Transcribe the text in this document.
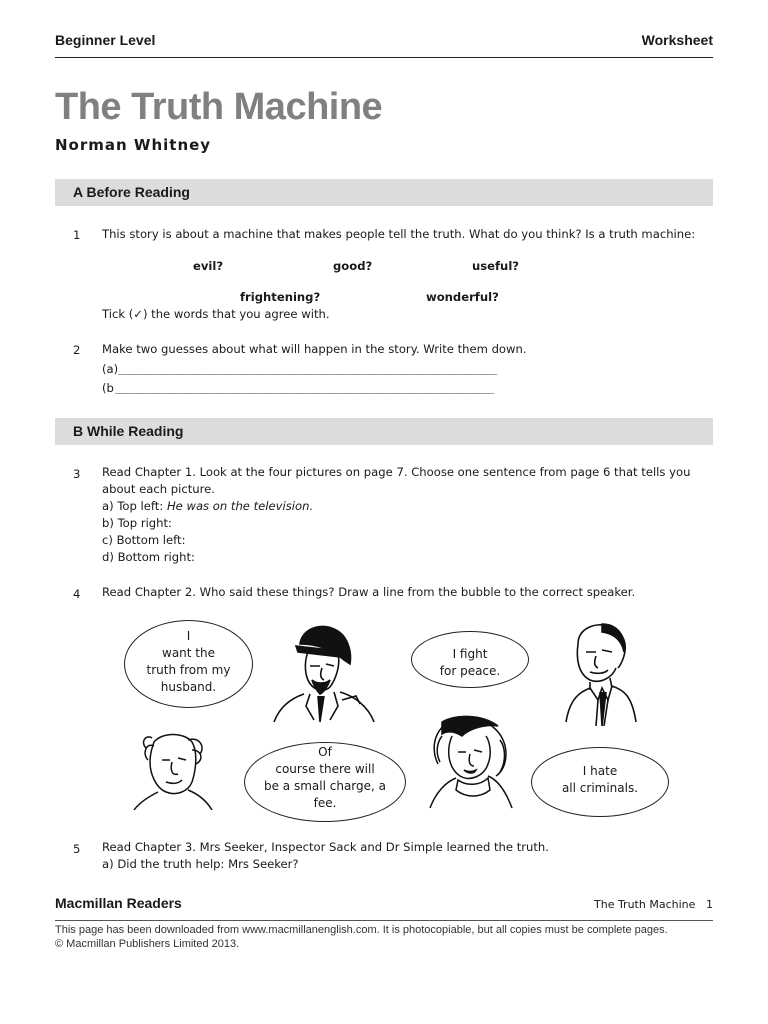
Beginner Level	Worksheet
The Truth Machine
Norman Whitney
A Before Reading
1 This story is about a machine that makes people tell the truth. What do you think? Is a truth machine:
evil?	good?	useful?
frightening?	wonderful?
Tick (✓) the words that you agree with.
2 Make two guesses about what will happen in the story. Write them down.
(a) _______________________________________________________________________
(b _______________________________________________________________________
B While Reading
3 Read Chapter 1. Look at the four pictures on page 7. Choose one sentence from page 6 that tells you
about each picture.
a) Top left: He was on the television.
b) Top right:
c) Bottom left:
d) Bottom right:
4 Read Chapter 2. Who said these things? Draw a line from the bubble to the correct speaker.
I
want the
truth from my
husband.
I fight
for peace.
Of
course there will
be a small charge, a
fee.
I hate
all criminals.
5 Read Chapter 3. Mrs Seeker, Inspector Sack and Dr Simple learned the truth.
a) Did the truth help: Mrs Seeker?
Macmillan Readers	The Truth Machine 1
This page has been downloaded from www.macmillanenglish.com. It is photocopiable, but all copies must be complete pages.
© Macmillan Publishers Limited 2013.
